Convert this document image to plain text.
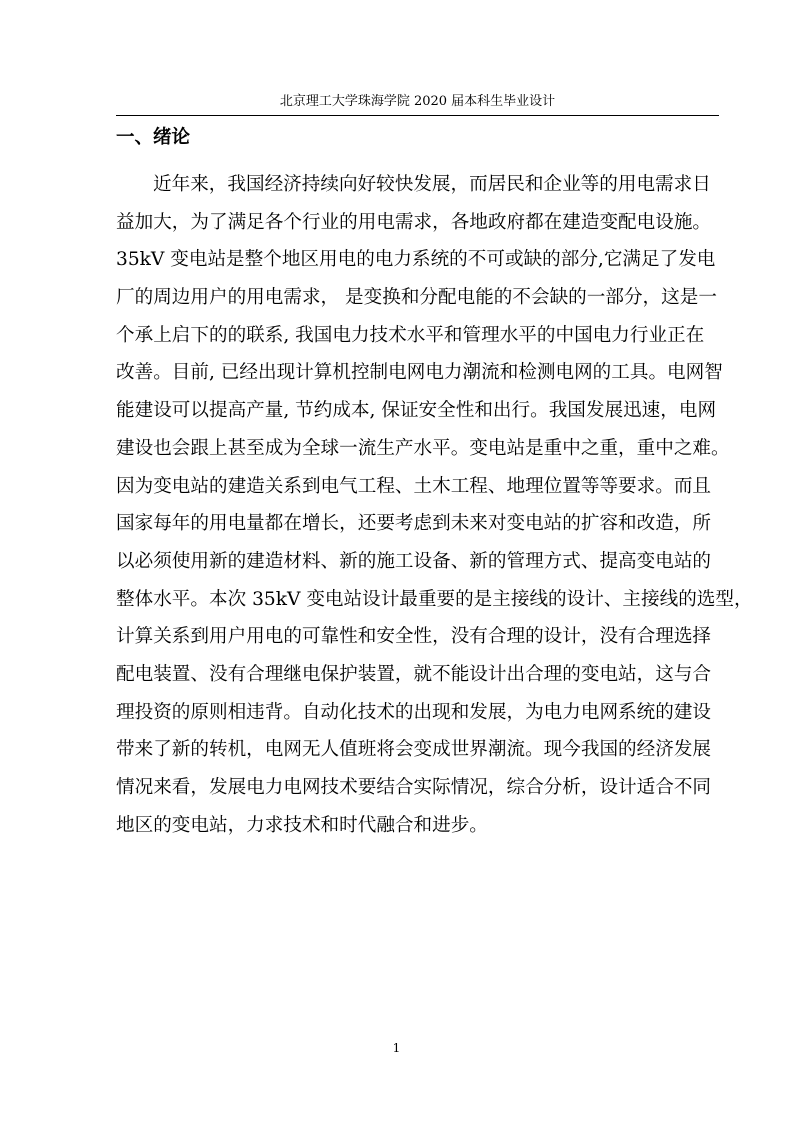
北京理工大学珠海学院 2020 届本科生毕业设计
一、绪论
近年来，我国经济持续向好较快发展，而居民和企业等的用电需求日
益加大，为了满足各个行业的用电需求，各地政府都在建造变配电设施。
35kV 变电站是整个地区用电的电力系统的不可或缺的部分,它满足了发电
厂的周边用户的用电需求， 是变换和分配电能的不会缺的一部分，这是一
个承上启下的的联系, 我国电力技术水平和管理水平的中国电力行业正在
改善。目前, 已经出现计算机控制电网电力潮流和检测电网的工具。电网智
能建设可以提高产量, 节约成本, 保证安全性和出行。我国发展迅速，电网
建设也会跟上甚至成为全球一流生产水平。变电站是重中之重，重中之难。
因为变电站的建造关系到电气工程、土木工程、地理位置等等要求。而且
国家每年的用电量都在增长，还要考虑到未来对变电站的扩容和改造，所
以必须使用新的建造材料、新的施工设备、新的管理方式、提高变电站的
整体水平。本次 35kV 变电站设计最重要的是主接线的设计、主接线的选型，
计算关系到用户用电的可靠性和安全性，没有合理的设计，没有合理选择
配电装置、没有合理继电保护装置，就不能设计出合理的变电站，这与合
理投资的原则相违背。自动化技术的出现和发展，为电力电网系统的建设
带来了新的转机，电网无人值班将会变成世界潮流。现今我国的经济发展
情况来看，发展电力电网技术要结合实际情况，综合分析，设计适合不同
地区的变电站，力求技术和时代融合和进步。
1
